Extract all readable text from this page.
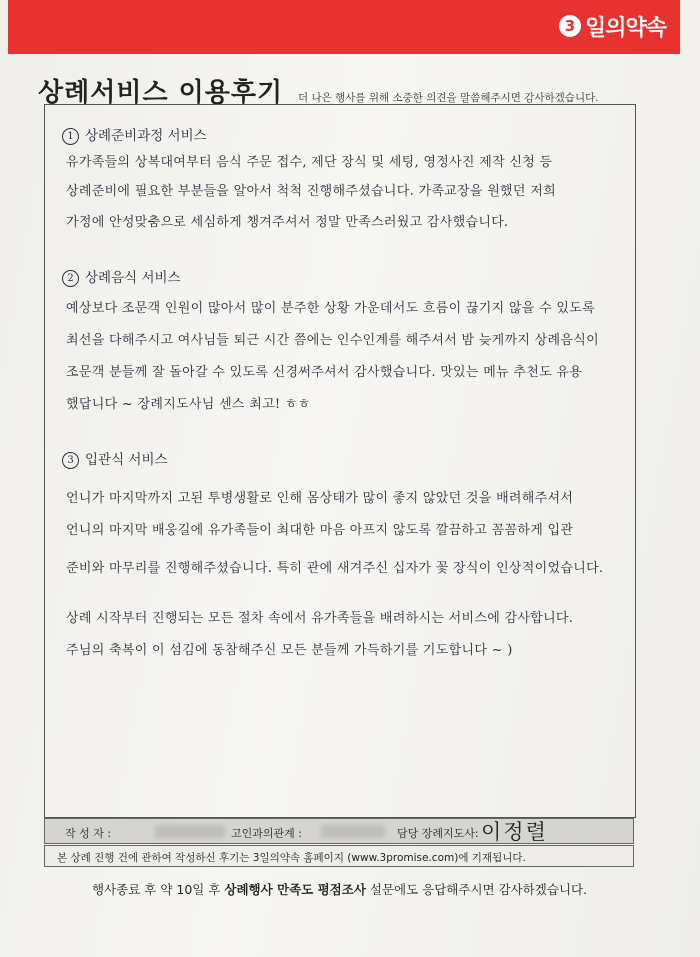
3 일의약속
상례서비스 이용후기 더 나은 행사를 위해 소중한 의견을 말씀해주시면 감사하겠습니다.
1 상례준비과정 서비스
유가족들의 상복대여부터 음식 주문 접수, 제단 장식 및 세팅, 영정사진 제작 신청 등
상례준비에 필요한 부분들을 알아서 척척 진행해주셨습니다. 가족교장을 원했던 저희
가정에 안성맞춤으로 세심하게 챙겨주셔서 정말 만족스러웠고 감사했습니다.
2 상례음식 서비스
예상보다 조문객 인원이 많아서 많이 분주한 상황 가운데서도 흐름이 끊기지 않을 수 있도록
최선을 다해주시고 여사님들 퇴근 시간 쯤에는 인수인계를 해주셔서 밤 늦게까지 상례음식이
조문객 분들께 잘 돌아갈 수 있도록 신경써주셔서 감사했습니다. 맛있는 메뉴 추천도 유용
했답니다 ~ 장례지도사님 센스 최고! ㅎㅎ
3 입관식 서비스
언니가 마지막까지 고된 투병생활로 인해 몸상태가 많이 좋지 않았던 것을 배려해주셔서
언니의 마지막 배웅길에 유가족들이 최대한 마음 아프지 않도록 깔끔하고 꼼꼼하게 입관
준비와 마무리를 진행해주셨습니다. 특히 관에 새겨주신 십자가 꽃 장식이 인상적이었습니다.
상례 시작부터 진행되는 모든 절차 속에서 유가족들을 배려하시는 서비스에 감사합니다.
주님의 축복이 이 섬김에 동참해주신 모든 분들께 가득하기를 기도합니다 ~ )
작 성 자 :	고인과의관계 :	담당 장례지도사: 이정렬
본 상례 진행 건에 관하여 작성하신 후기는 3일의약속 홈페이지 (www.3promise.com)에 기재됩니다.
행사종료 후 약 10일 후 상례행사 만족도 평점조사 설문에도 응답해주시면 감사하겠습니다.
